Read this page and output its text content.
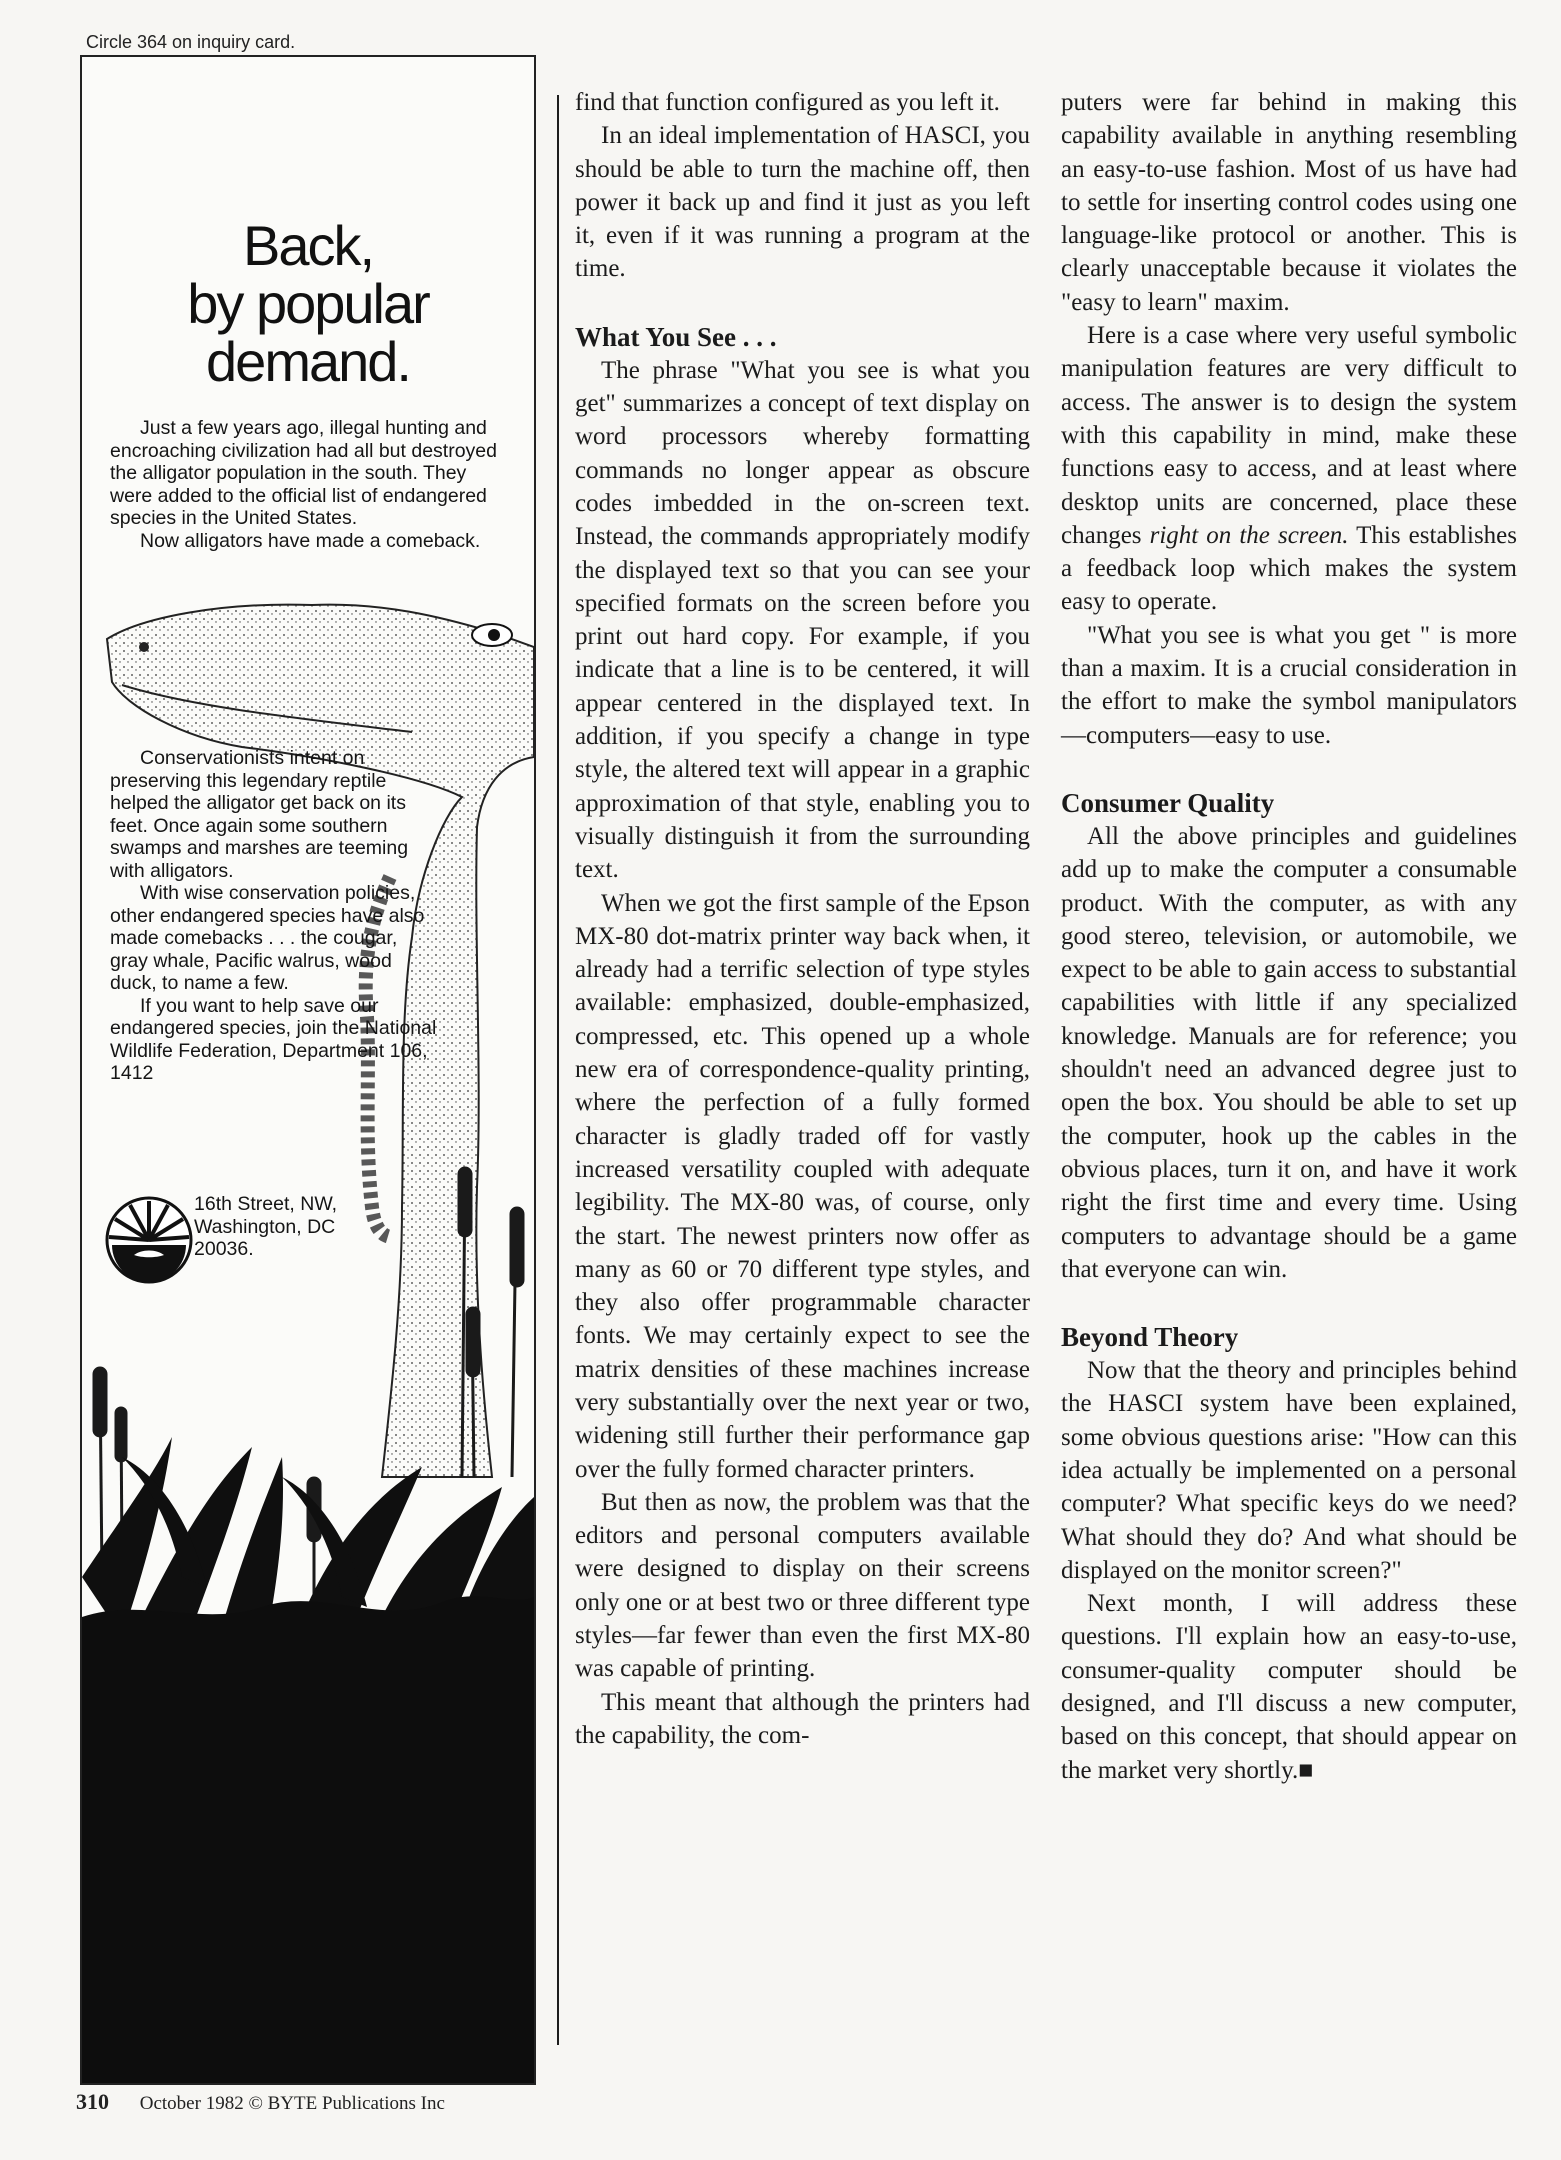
Circle 364 on inquiry card.
Back,
by popular
demand.

Just a few years ago, illegal hunting and encroaching civilization had all but destroyed the alligator population in the south. They were added to the official list of endangered species in the United States.

Now alligators have made a comeback.

Conservationists intent on preserving this legendary reptile helped the alligator get back on its feet. Once again some southern swamps and marshes are teeming with alligators.

With wise conservation policies, other endangered species have also made comebacks . . . the cougar, gray whale, Pacific walrus, wood duck, to name a few.

If you want to help save our endangered species, join the National Wildlife Federation, Department 106, 1412

16th Street, NW,
Washington, DC
20036.

find that function configured as you left it.

In an ideal implementation of HASCI, you should be able to turn the machine off, then power it back up and find it just as you left it, even if it was running a program at the time.

What You See . . .

The phrase "What you see is what you get" summarizes a concept of text display on word processors whereby formatting commands no longer appear as obscure codes imbedded in the on-screen text. Instead, the commands appropriately modify the displayed text so that you can see your specified formats on the screen before you print out hard copy. For example, if you indicate that a line is to be centered, it will appear centered in the displayed text. In addition, if you specify a change in type style, the altered text will appear in a graphic approximation of that style, enabling you to visually distinguish it from the surrounding text.

When we got the first sample of the Epson MX-80 dot-matrix printer way back when, it already had a terrific selection of type styles available: emphasized, double-emphasized, compressed, etc. This opened up a whole new era of correspondence-quality printing, where the perfection of a fully formed character is gladly traded off for vastly increased versatility coupled with adequate legibility. The MX-80 was, of course, only the start. The newest printers now offer as many as 60 or 70 different type styles, and they also offer programmable character fonts. We may certainly expect to see the matrix densities of these machines increase very substantially over the next year or two, widening still further their performance gap over the fully formed character printers.

But then as now, the problem was that the editors and personal computers available were designed to display on their screens only one or at best two or three different type styles—far fewer than even the first MX-80 was capable of printing.

This meant that although the printers had the capability, the com-

puters were far behind in making this capability available in anything resembling an easy-to-use fashion. Most of us have had to settle for inserting control codes using one language-like protocol or another. This is clearly unacceptable because it violates the "easy to learn" maxim.

Here is a case where very useful symbolic manipulation features are very difficult to access. The answer is to design the system with this capability in mind, make these functions easy to access, and at least where desktop units are concerned, place these changes right on the screen. This establishes a feedback loop which makes the system easy to operate.

"What you see is what you get " is more than a maxim. It is a crucial consideration in the effort to make the symbol manipulators—computers—easy to use.

Consumer Quality

All the above principles and guidelines add up to make the computer a consumable product. With the computer, as with any good stereo, television, or automobile, we expect to be able to gain access to substantial capabilities with little if any specialized knowledge. Manuals are for reference; you shouldn't need an advanced degree just to open the box. You should be able to set up the computer, hook up the cables in the obvious places, turn it on, and have it work right the first time and every time. Using computers to advantage should be a game that everyone can win.

Beyond Theory

Now that the theory and principles behind the HASCI system have been explained, some obvious questions arise: "How can this idea actually be implemented on a personal computer? What specific keys do we need? What should they do? And what should be displayed on the monitor screen?"

Next month, I will address these questions. I'll explain how an easy-to-use, consumer-quality computer should be designed, and I'll discuss a new computer, based on this concept, that should appear on the market very shortly.■

310 October 1982 © BYTE Publications Inc
